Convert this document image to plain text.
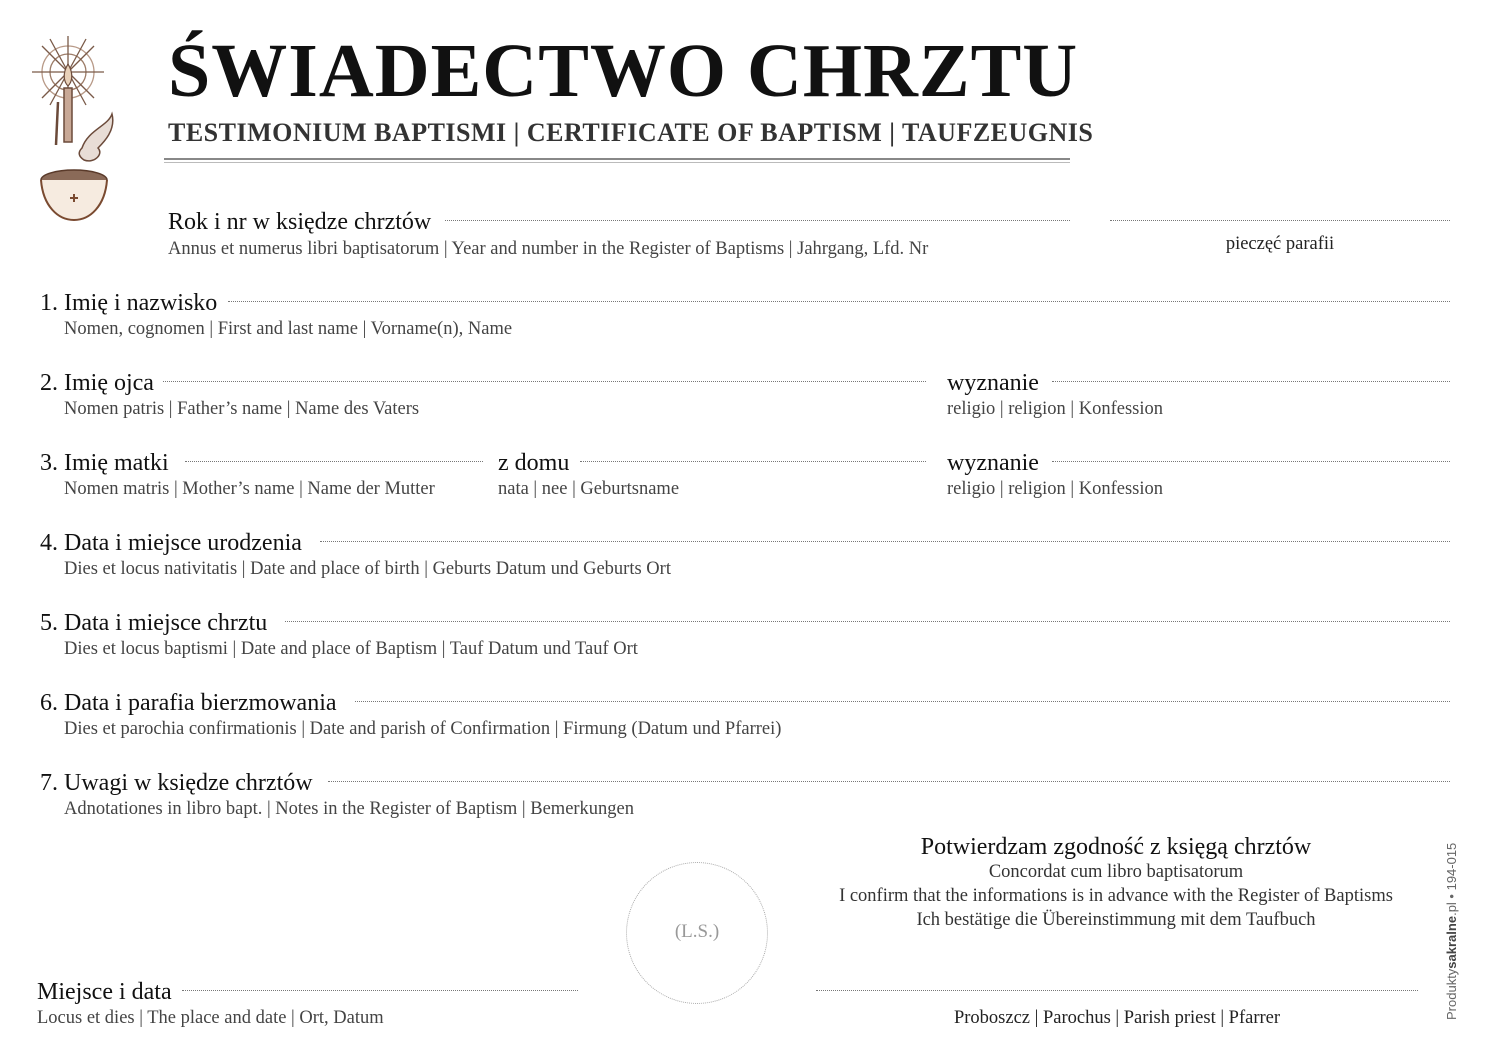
ŚWIADECTWO CHRZTU
TESTIMONIUM BAPTISMI | CERTIFICATE OF BAPTISM | TAUFZEUGNIS
Rok i nr w księdze chrztów
Annus et numerus libri baptisatorum | Year and number in the Register of Baptisms | Jahrgang, Lfd. Nr	pieczęć parafii
1. Imię i nazwisko
Nomen, cognomen | First and last name | Vorname(n), Name
2. Imię ojca
Nomen patris | Father’s name | Name des Vaters
wyznanie
religio | religion | Konfession
3. Imię matki
Nomen matris | Mother’s name | Name der Mutter
z domu
nata | nee | Geburtsname
wyznanie
religio | religion | Konfession
4. Data i miejsce urodzenia
Dies et locus nativitatis | Date and place of birth | Geburts Datum und Geburts Ort
5. Data i miejsce chrztu
Dies et locus baptismi | Date and place of Baptism | Tauf Datum und Tauf Ort
6. Data i parafia bierzmowania
Dies et parochia confirmationis | Date and parish of Confirmation | Firmung (Datum und Pfarrei)
7. Uwagi w księdze chrztów
Adnotationes in libro bapt. | Notes in the Register of Baptism | Bemerkungen
Potwierdzam zgodność z księgą chrztów
Concordat cum libro baptisatorum
I confirm that the informations is in advance with the Register of Baptisms
Ich bestätige die Übereinstimmung mit dem Taufbuch
(L.S.)
Miejsce i data
Locus et dies | The place and date | Ort, Datum	Proboszcz | Parochus | Parish priest | Pfarrer	Produktysakralne.pl • 194-015
